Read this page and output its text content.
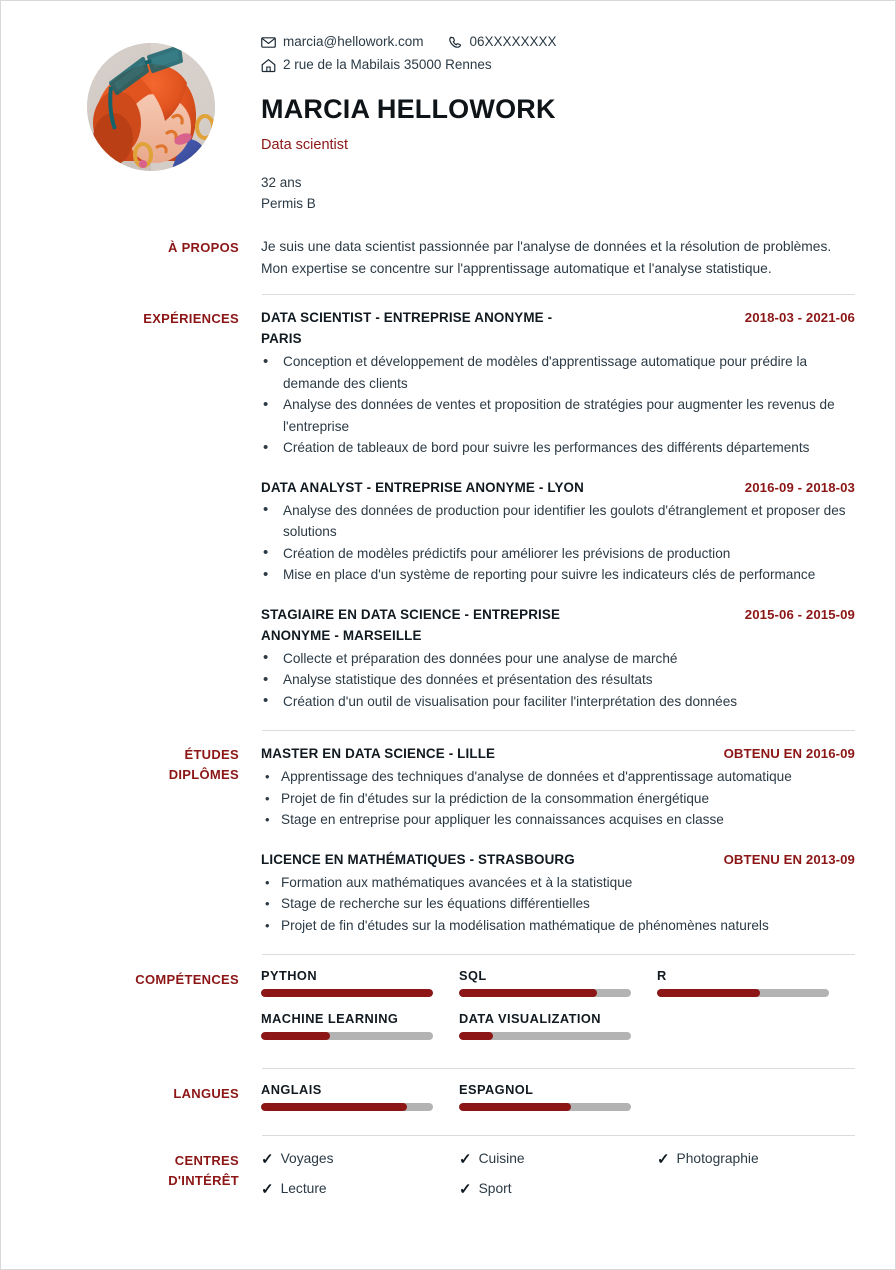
marcia@hellowork.com	06XXXXXXXX
2 rue de la Mabilais 35000 Rennes
MARCIA HELLOWORK
Data scientist
32 ans
Permis B
À PROPOS	Je suis une data scientist passionnée par l'analyse de données et la résolution de problèmes. Mon expertise se concentre sur l'apprentissage automatique et l'analyse statistique.
EXPÉRIENCES	DATA SCIENTIST - ENTREPRISE ANONYME - PARIS
2018-03 - 2021-06
• Conception et développement de modèles d'apprentissage automatique pour prédire la demande des clients
• Analyse des données de ventes et proposition de stratégies pour augmenter les revenus de l'entreprise
• Création de tableaux de bord pour suivre les performances des différents départements
DATA ANALYST - ENTREPRISE ANONYME - LYON	2016-09 - 2018-03
• Analyse des données de production pour identifier les goulots d'étranglement et proposer des solutions
• Création de modèles prédictifs pour améliorer les prévisions de production
• Mise en place d'un système de reporting pour suivre les indicateurs clés de performance
STAGIAIRE EN DATA SCIENCE - ENTREPRISE ANONYME - MARSEILLE
2015-06 - 2015-09
• Collecte et préparation des données pour une analyse de marché
• Analyse statistique des données et présentation des résultats
• Création d'un outil de visualisation pour faciliter l'interprétation des données
ÉTUDES
DIPLÔMES
MASTER EN DATA SCIENCE - LILLE	OBTENU EN 2016-09
• Apprentissage des techniques d'analyse de données et d'apprentissage automatique
• Projet de fin d'études sur la prédiction de la consommation énergétique
• Stage en entreprise pour appliquer les connaissances acquises en classe
LICENCE EN MATHÉMATIQUES - STRASBOURG	OBTENU EN 2013-09
• Formation aux mathématiques avancées et à la statistique
• Stage de recherche sur les équations différentielles
• Projet de fin d'études sur la modélisation mathématique de phénomènes naturels
COMPÉTENCES	PYTHON	SQL	R
MACHINE LEARNING	DATA VISUALIZATION
LANGUES	ANGLAIS	ESPAGNOL
CENTRES
D'INTÉRÊT
✓ Voyages	✓ Cuisine	✓ Photographie
✓ Lecture	✓ Sport
